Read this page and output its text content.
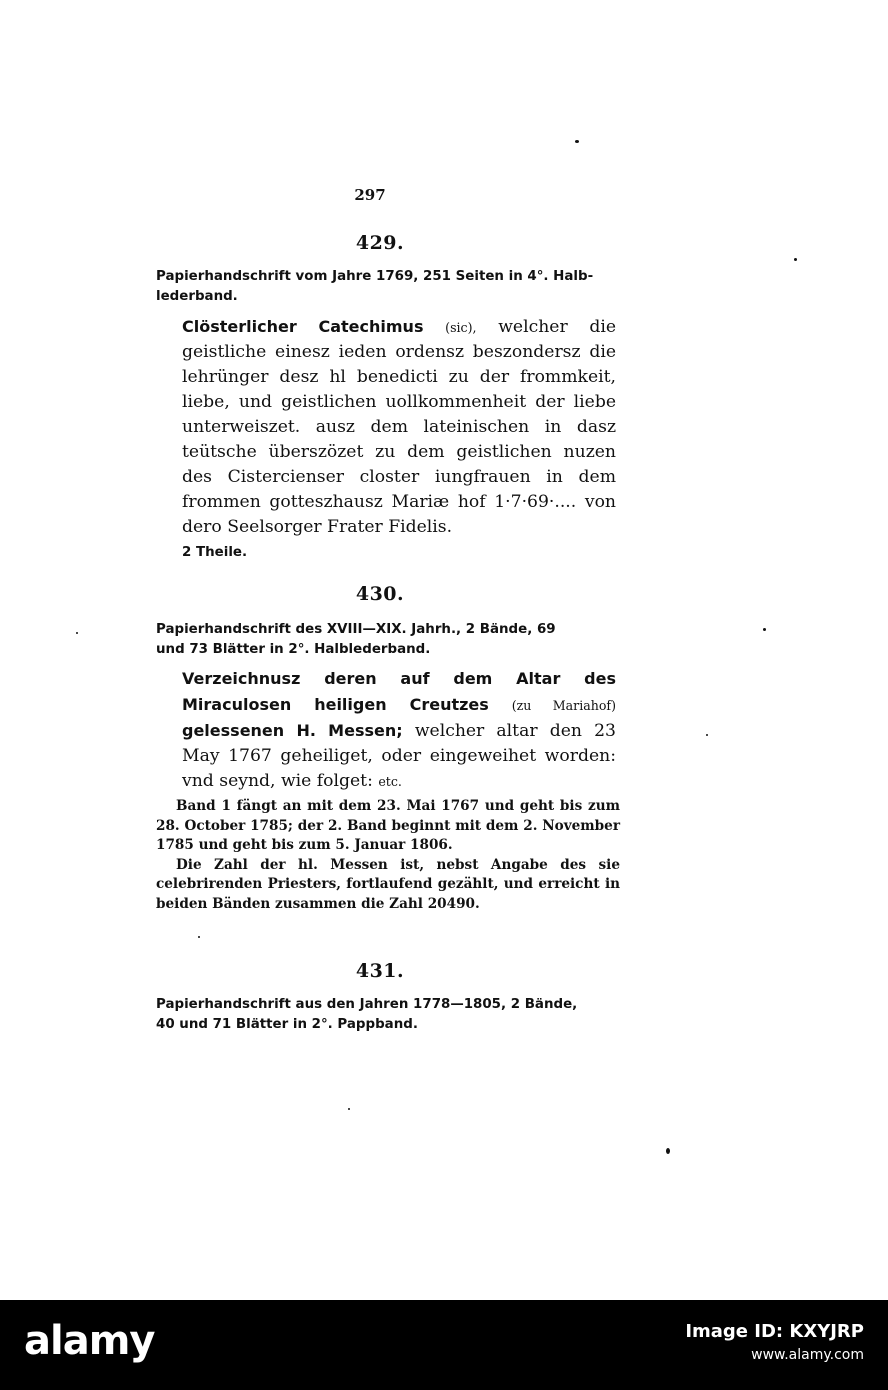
297
429.
Papierhandschrift vom Jahre 1769, 251 Seiten in 4°. Halb-
lederband.
Clösterlicher Catechimus (sic), welcher die geistliche einesz ieden ordensz beszondersz die lehrünger desz hl benedicti zu der frommkeit, liebe, und geistlichen uollkommenheit der liebe unterweiszet. ausz dem lateinischen in dasz teütsche überszözet zu dem geistlichen nuzen des Cistercienser closter iungfrauen in dem frommen gotteszhausz Mariæ hof 1·7·69·.... von dero Seelsorger Frater Fidelis.
2 Theile.
430.
Papierhandschrift des XVIII—XIX. Jahrh., 2 Bände, 69
und 73 Blätter in 2°. Halblederband.
Verzeichnusz deren auf dem Altar des Miraculosen heiligen Creutzes (zu Mariahof) gelessenen H. Messen; welcher altar den 23 May 1767 geheiliget, oder eingeweihet worden: vnd seynd, wie folget: etc.

Band 1 fängt an mit dem 23. Mai 1767 und geht bis zum 28. October 1785; der 2. Band beginnt mit dem 2. November 1785 und geht bis zum 5. Januar 1806.

Die Zahl der hl. Messen ist, nebst Angabe des sie celebrirenden Priesters, fortlaufend gezählt, und erreicht in beiden Bänden zusammen die Zahl 20490.

431.
Papierhandschrift aus den Jahren 1778—1805, 2 Bände,
40 und 71 Blätter in 2°. Pappband.
alamy	Image ID: KXYJRP
www.alamy.com
